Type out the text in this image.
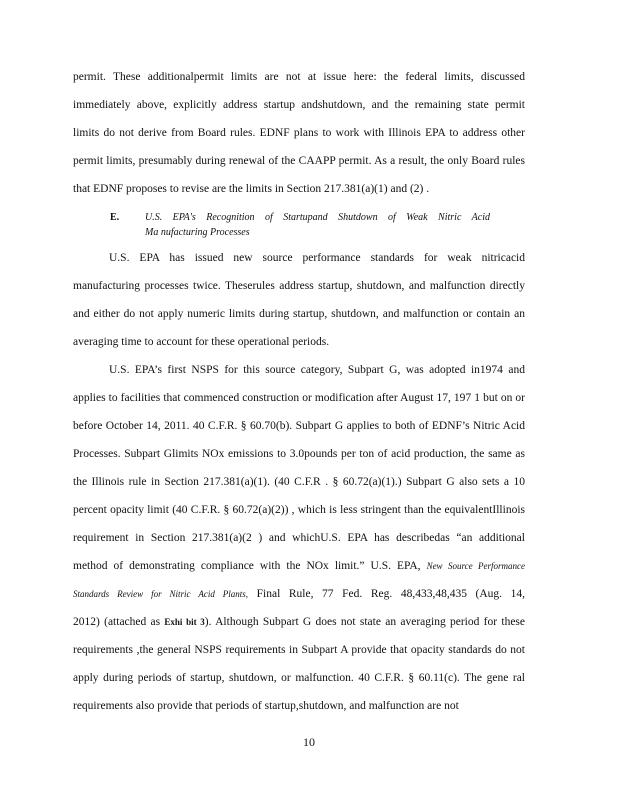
permit. These additionalpermit limits are not at issue here: the federal limits, discussed
immediately above, explicitly address startup andshutdown, and the remaining state permit
limits do not derive from Board rules. EDNF plans to work with Illinois EPA to address other
permit limits, presumably during renewal of the CAAPP permit. As a result, the only Board rules
that EDNF proposes to revise are the limits in Section 217.381(a)(1) and (2) .
E.	U.S. EPA's Recognition of Startupand Shutdown of Weak Nitric Acid
Ma nufacturing Processes
U.S. EPA has issued new source performance standards for weak nitricacid
manufacturing processes twice. Theserules address startup, shutdown, and malfunction directly
and either do not apply numeric limits during startup, shutdown, and malfunction or contain an
averaging time to account for these operational periods.
U.S. EPA’s first NSPS for this source category, Subpart G, was adopted in1974 and
applies to facilities that commenced construction or modification after August 17, 197 1 but on or
before October 14, 2011. 40 C.F.R. § 60.70(b). Subpart G applies to both of EDNF’s Nitric Acid
Processes. Subpart Glimits NOx emissions to 3.0pounds per ton of acid production, the same as
the Illinois rule in Section 217.381(a)(1). (40 C.F.R . § 60.72(a)(1).) Subpart G also sets a 10
percent opacity limit (40 C.F.R. § 60.72(a)(2)) , which is less stringent than the equivalentIllinois
requirement in Section 217.381(a)(2 ) and whichU.S. EPA has describedas “an additional
method of demonstrating compliance with the NOx limit.” U.S. EPA, New Source Performance
Standards Review for Nitric Acid Plants, Final Rule, 77 Fed. Reg. 48,433,48,435 (Aug. 14,
2012) (attached as Exhi bit 3). Although Subpart G does not state an averaging period for these
requirements ,the general NSPS requirements in Subpart A provide that opacity standards do not
apply during periods of startup, shutdown, or malfunction. 40 C.F.R. § 60.11(c). The gene ral
requirements also provide that periods of startup,shutdown, and malfunction are not
10
